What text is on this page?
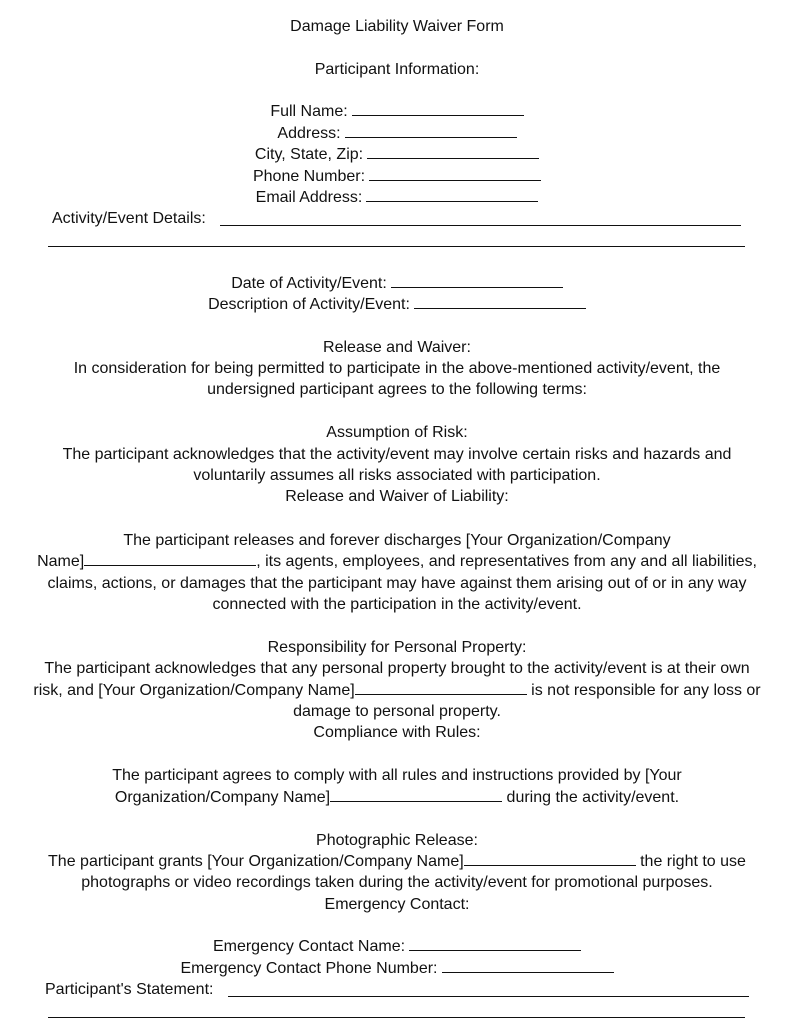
Damage Liability Waiver Form
Participant Information:
Full Name:
Address:
City, State, Zip:
Phone Number:
Email Address:
Activity/Event Details:
Date of Activity/Event:
Description of Activity/Event:
Release and Waiver:
In consideration for being permitted to participate in the above-mentioned activity/event, the
undersigned participant agrees to the following terms:
Assumption of Risk:
The participant acknowledges that the activity/event may involve certain risks and hazards and
voluntarily assumes all risks associated with participation.
Release and Waiver of Liability:
The participant releases and forever discharges [Your Organization/Company
Name]	, its agents, employees, and representatives from any and all liabilities,
claims, actions, or damages that the participant may have against them arising out of or in any way
connected with the participation in the activity/event.
Responsibility for Personal Property:
The participant acknowledges that any personal property brought to the activity/event is at their own
risk, and [Your Organization/Company Name]	is not responsible for any loss or
damage to personal property.
Compliance with Rules:
The participant agrees to comply with all rules and instructions provided by [Your
Organization/Company Name]	during the activity/event.
Photographic Release:
The participant grants [Your Organization/Company Name]	the right to use
photographs or video recordings taken during the activity/event for promotional purposes.
Emergency Contact:
Emergency Contact Name:
Emergency Contact Phone Number:
Participant's Statement:
